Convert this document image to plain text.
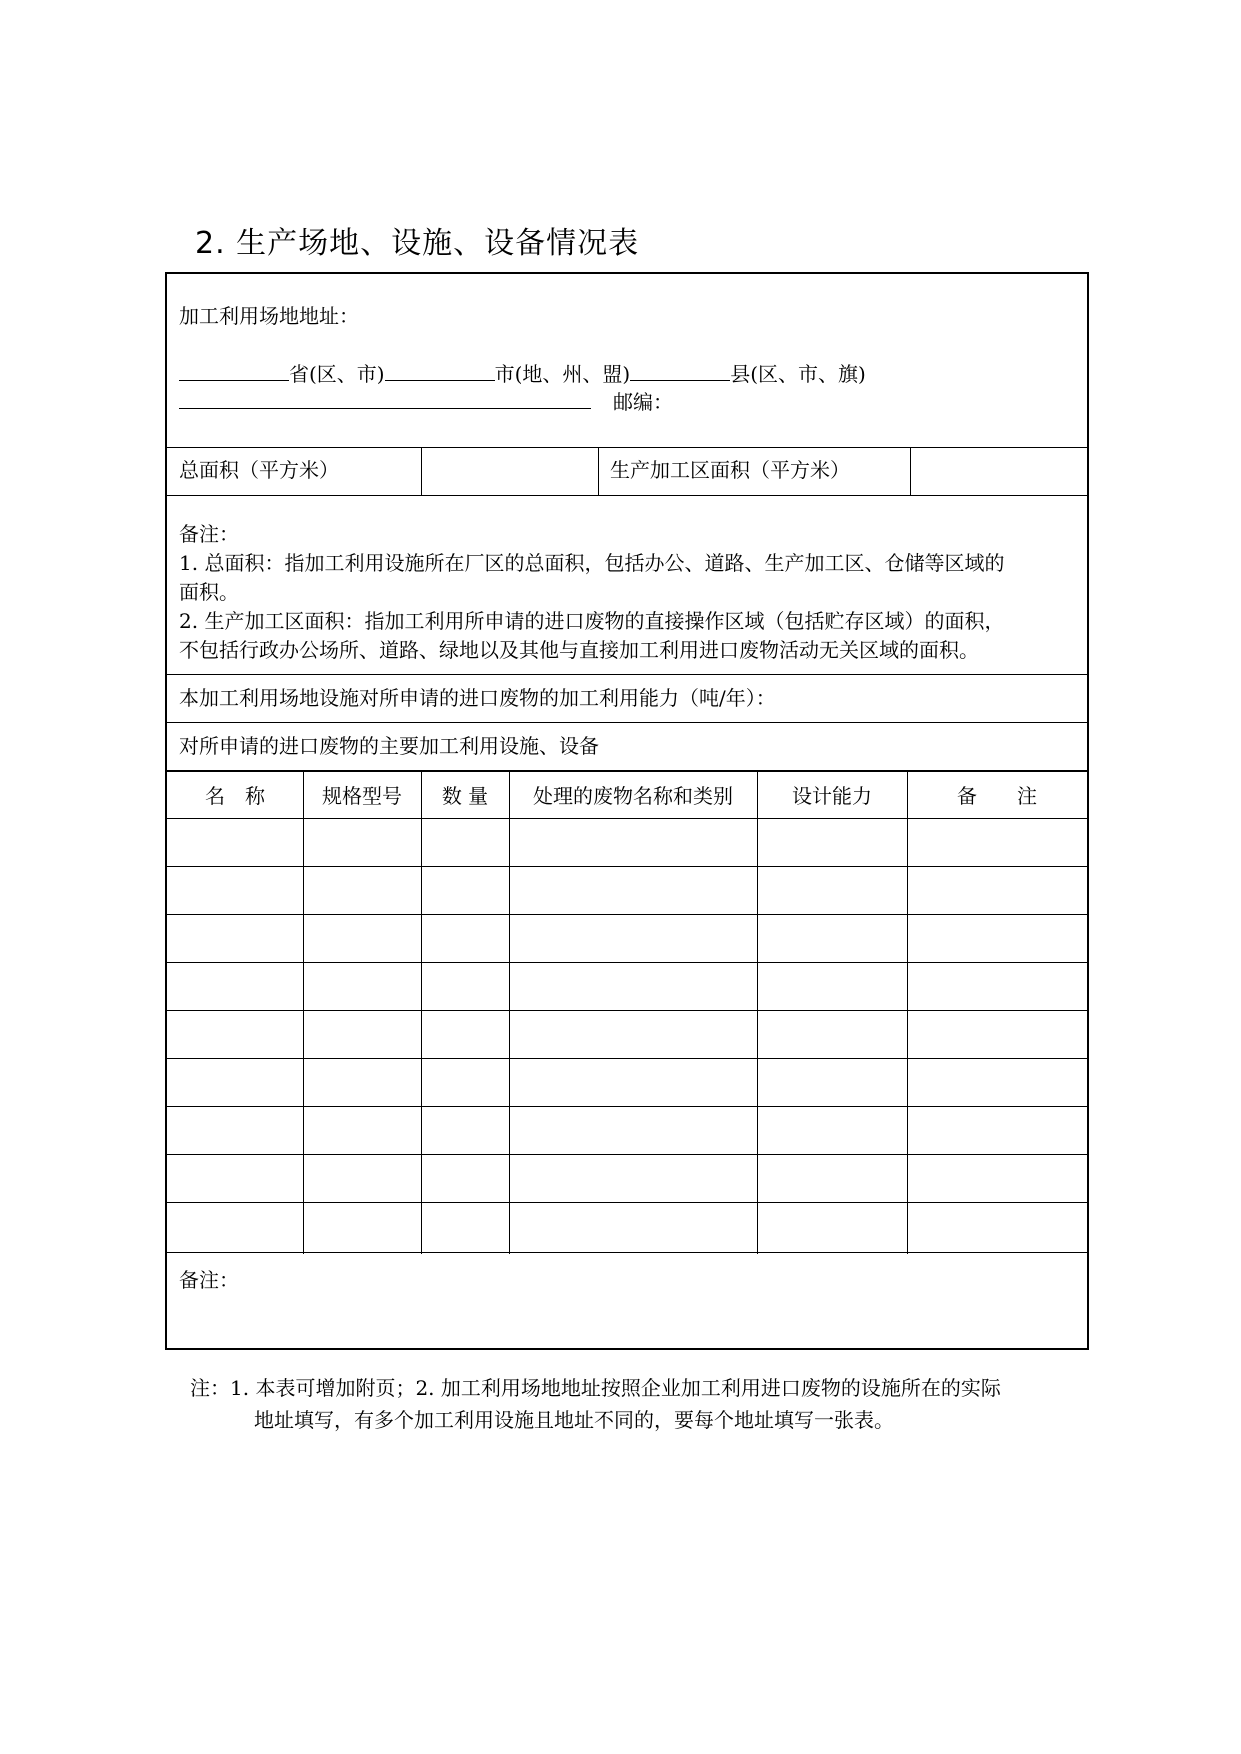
2. 生产场地、设施、设备情况表
加工利用场地地址：
省(区、市)	市(地、州、盟)	县(区、市、旗)
邮编：
总面积（平方米）	生产加工区面积（平方米）

备注：

1. 总面积：指加工利用设施所在厂区的总面积，包括办公、道路、生产加工区、仓储等区域的

面积。

2. 生产加工区面积：指加工利用所申请的进口废物的直接操作区域（包括贮存区域）的面积，

不包括行政办公场所、道路、绿地以及其他与直接加工利用进口废物活动无关区域的面积。

本加工利用场地设施对所申请的进口废物的加工利用能力（吨/年）：
对所申请的进口废物的主要加工利用设施、设备
名　称	规格型号	数 量	处理的废物名称和类别	设计能力	备　　注
备注：

注：1. 本表可增加附页；2. 加工利用场地地址按照企业加工利用进口废物的设施所在的实际

地址填写，有多个加工利用设施且地址不同的，要每个地址填写一张表。
